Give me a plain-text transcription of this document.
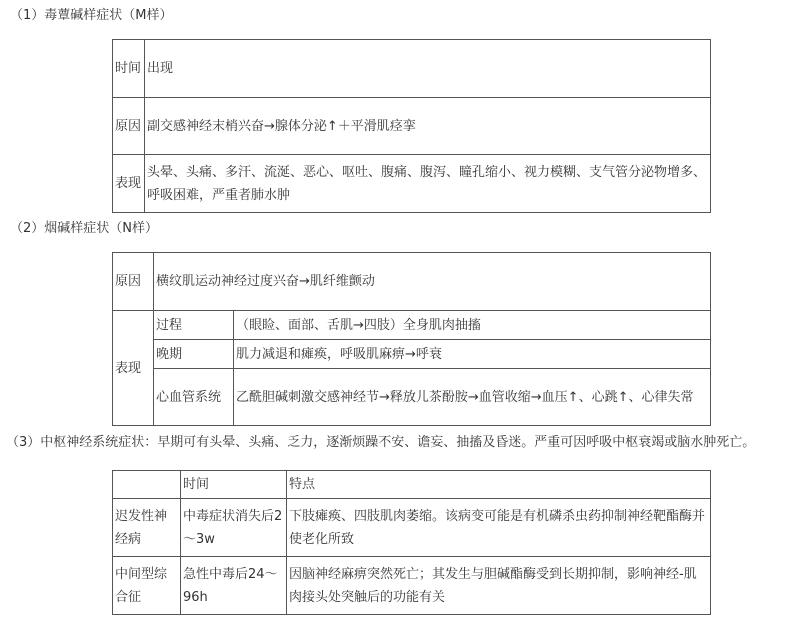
（1）毒蕈碱样症状（M样）
时间	出现
原因	副交感神经末梢兴奋→腺体分泌↑＋平滑肌痉挛
表现	头晕、头痛、多汗、流涎、恶心、呕吐、腹痛、腹泻、瞳孔缩小、视力模糊、支气管分泌物增多、呼吸困难，严重者肺水肿
（2）烟碱样症状（N样）
原因	横纹肌运动神经过度兴奋→肌纤维颤动	
表现	过程	（眼睑、面部、舌肌→四肢）全身肌肉抽搐
	晚期	肌力减退和瘫痪，呼吸肌麻痹→呼衰
	心血管系统	乙酰胆碱刺激交感神经节→释放儿茶酚胺→血管收缩→血压↑、心跳↑、心律失常
（3）中枢神经系统症状：早期可有头晕、头痛、乏力，逐渐烦躁不安、谵妄、抽搐及昏迷。严重可因呼吸中枢衰竭或脑水肿死亡。
	时间	特点
迟发性神经病	中毒症状消失后2～3w	下肢瘫痪、四肢肌肉萎缩。该病变可能是有机磷杀虫药抑制神经靶酯酶并使老化所致
中间型综合征	急性中毒后24～96h	因脑神经麻痹突然死亡；其发生与胆碱酯酶受到长期抑制，影响神经-肌肉接头处突触后的功能有关
